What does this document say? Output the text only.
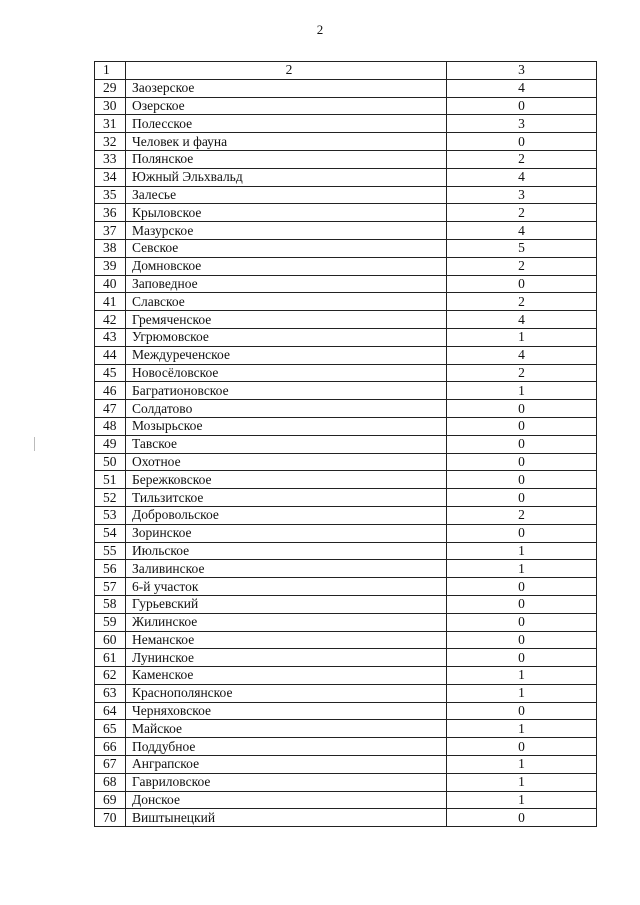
2
1	2	3
29	Заозерское	4
30	Озерское	0
31	Полесское	3
32	Человек и фауна	0
33	Полянское	2
34	Южный Эльхвальд	4
35	Залесье	3
36	Крыловское	2
37	Мазурское	4
38	Севское	5
39	Домновское	2
40	Заповедное	0
41	Славское	2
42	Гремяченское	4
43	Угрюмовское	1
44	Междуреченское	4
45	Новосёловское	2
46	Багратионовское	1
47	Солдатово	0
48	Мозырьское	0
49	Тавское	0
50	Охотное	0
51	Бережковское	0
52	Тильзитское	0
53	Добровольское	2
54	Зоринское	0
55	Июльское	1
56	Заливинское	1
57	6-й участок	0
58	Гурьевский	0
59	Жилинское	0
60	Неманское	0
61	Лунинское	0
62	Каменское	1
63	Краснополянское	1
64	Черняховское	0
65	Майское	1
66	Поддубное	0
67	Анграпское	1
68	Гавриловское	1
69	Донское	1
70	Виштынецкий	0
